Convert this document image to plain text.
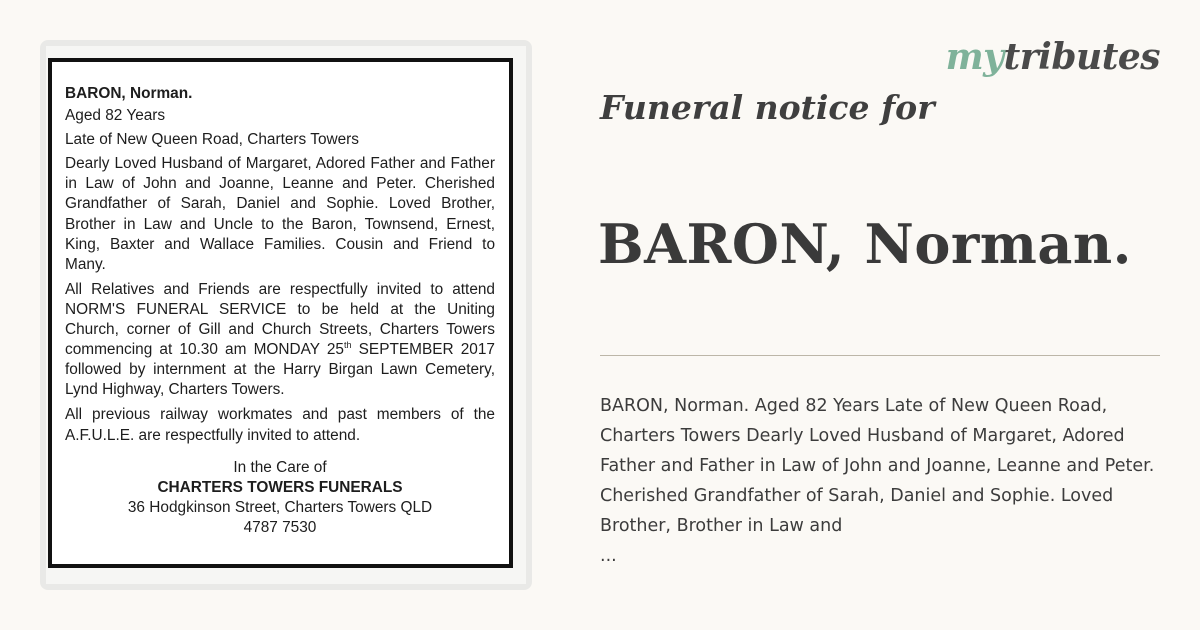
BARON, Norman.
Aged 82 Years
Late of New Queen Road, Charters Towers
Dearly Loved Husband of Margaret, Adored Father and Father in Law of John and Joanne, Leanne and Peter. Cherished Grandfather of Sarah, Daniel and Sophie. Loved Brother, Brother in Law and Uncle to the Baron, Townsend, Ernest, King, Baxter and Wallace Families. Cousin and Friend to Many.
All Relatives and Friends are respectfully invited to attend NORM'S FUNERAL SERVICE to be held at the Uniting Church, corner of Gill and Church Streets, Charters Towers commencing at 10.30 am MONDAY 25th SEPTEMBER 2017 followed by internment at the Harry Birgan Lawn Cemetery, Lynd Highway, Charters Towers.
All previous railway workmates and past members of the A.F.U.L.E. are respectfully invited to attend.
In the Care of
CHARTERS TOWERS FUNERALS
36 Hodgkinson Street, Charters Towers QLD
4787 7530
mytributes
Funeral notice for
BARON, Norman.

BARON, Norman. Aged 82 Years Late of New Queen Road, Charters Towers Dearly Loved Husband of Margaret, Adored Father and Father in Law of John and Joanne, Leanne and Peter. Cherished Grandfather of Sarah, Daniel and Sophie. Loved Brother, Brother in Law and
...
